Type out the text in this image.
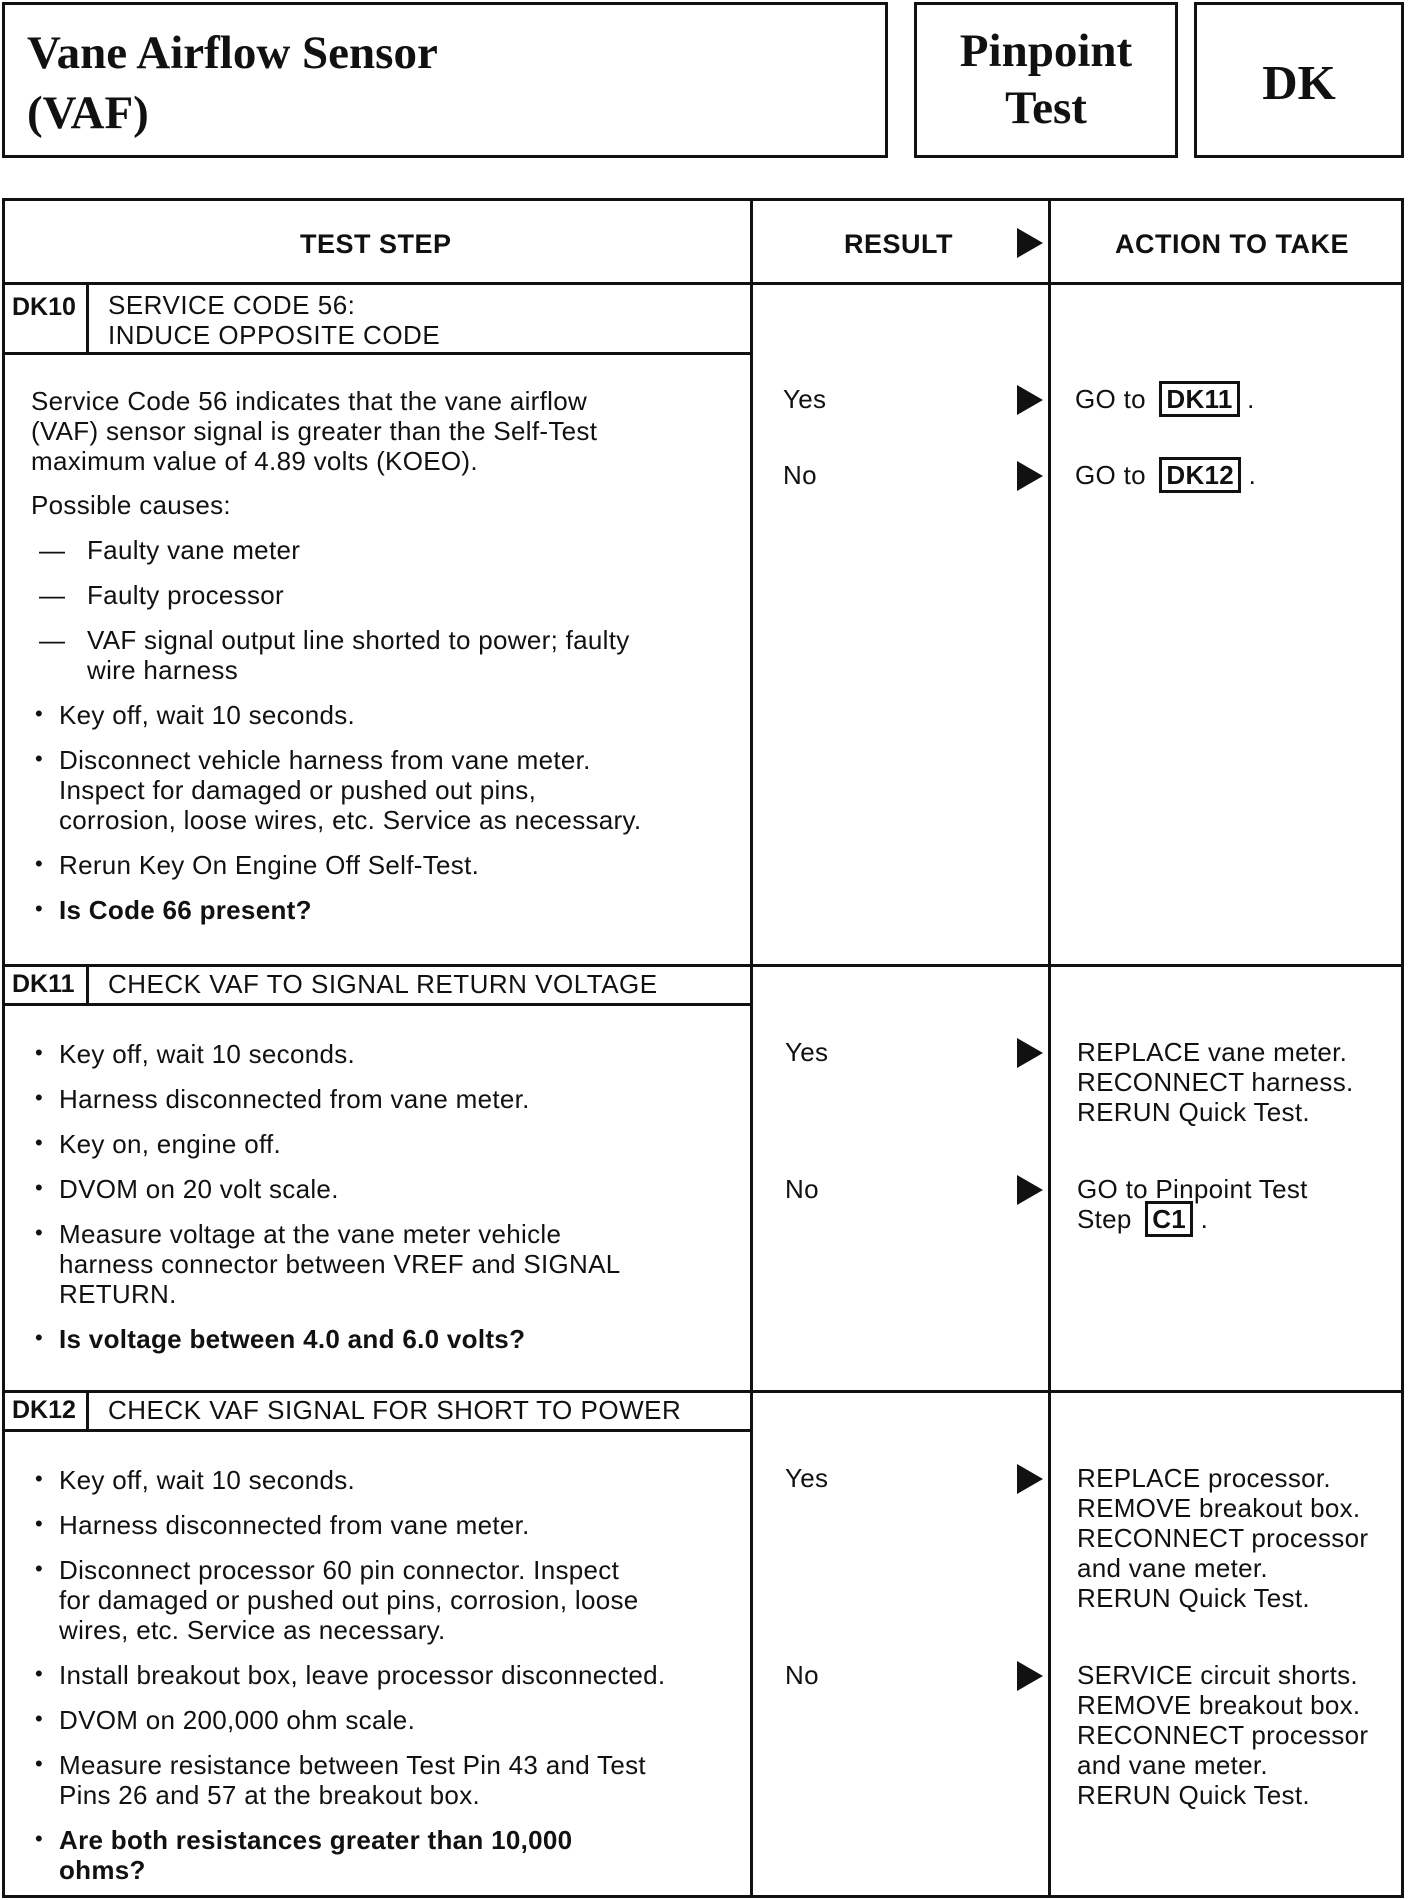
Vane Airflow Sensor
(VAF)
Pinpoint
Test	DK
TEST STEP	RESULT	ACTION TO TAKE
DK10	SERVICE CODE 56:
INDUCE OPPOSITE CODE
Service Code 56 indicates that the vane airflow
(VAF) sensor signal is greater than the Self-Test
maximum value of 4.89 volts (KOEO).
Possible causes:
— Faulty vane meter
— Faulty processor
— VAF signal output line shorted to power; faulty
wire harness
• Key off, wait 10 seconds.
• Disconnect vehicle harness from vane meter.
Inspect for damaged or pushed out pins,
corrosion, loose wires, etc. Service as necessary.
• Rerun Key On Engine Off Self-Test.
• Is Code 66 present?
Yes	GO to DK11 .
No	GO to DK12 .
DK11	CHECK VAF TO SIGNAL RETURN VOLTAGE
• Key off, wait 10 seconds.
• Harness disconnected from vane meter.
• Key on, engine off.
• DVOM on 20 volt scale.
• Measure voltage at the vane meter vehicle
harness connector between VREF and SIGNAL
RETURN.
• Is voltage between 4.0 and 6.0 volts?
Yes	REPLACE vane meter.
RECONNECT harness.
RERUN Quick Test.
No	GO to Pinpoint Test
Step C1 .
DK12	CHECK VAF SIGNAL FOR SHORT TO POWER
• Key off, wait 10 seconds.
• Harness disconnected from vane meter.
• Disconnect processor 60 pin connector. Inspect
for damaged or pushed out pins, corrosion, loose
wires, etc. Service as necessary.
• Install breakout box, leave processor disconnected.
• DVOM on 200,000 ohm scale.
• Measure resistance between Test Pin 43 and Test
Pins 26 and 57 at the breakout box.
• Are both resistances greater than 10,000
ohms?
Yes	REPLACE processor.
REMOVE breakout box.
RECONNECT processor
and vane meter.
RERUN Quick Test.
No	SERVICE circuit shorts.
REMOVE breakout box.
RECONNECT processor
and vane meter.
RERUN Quick Test.
